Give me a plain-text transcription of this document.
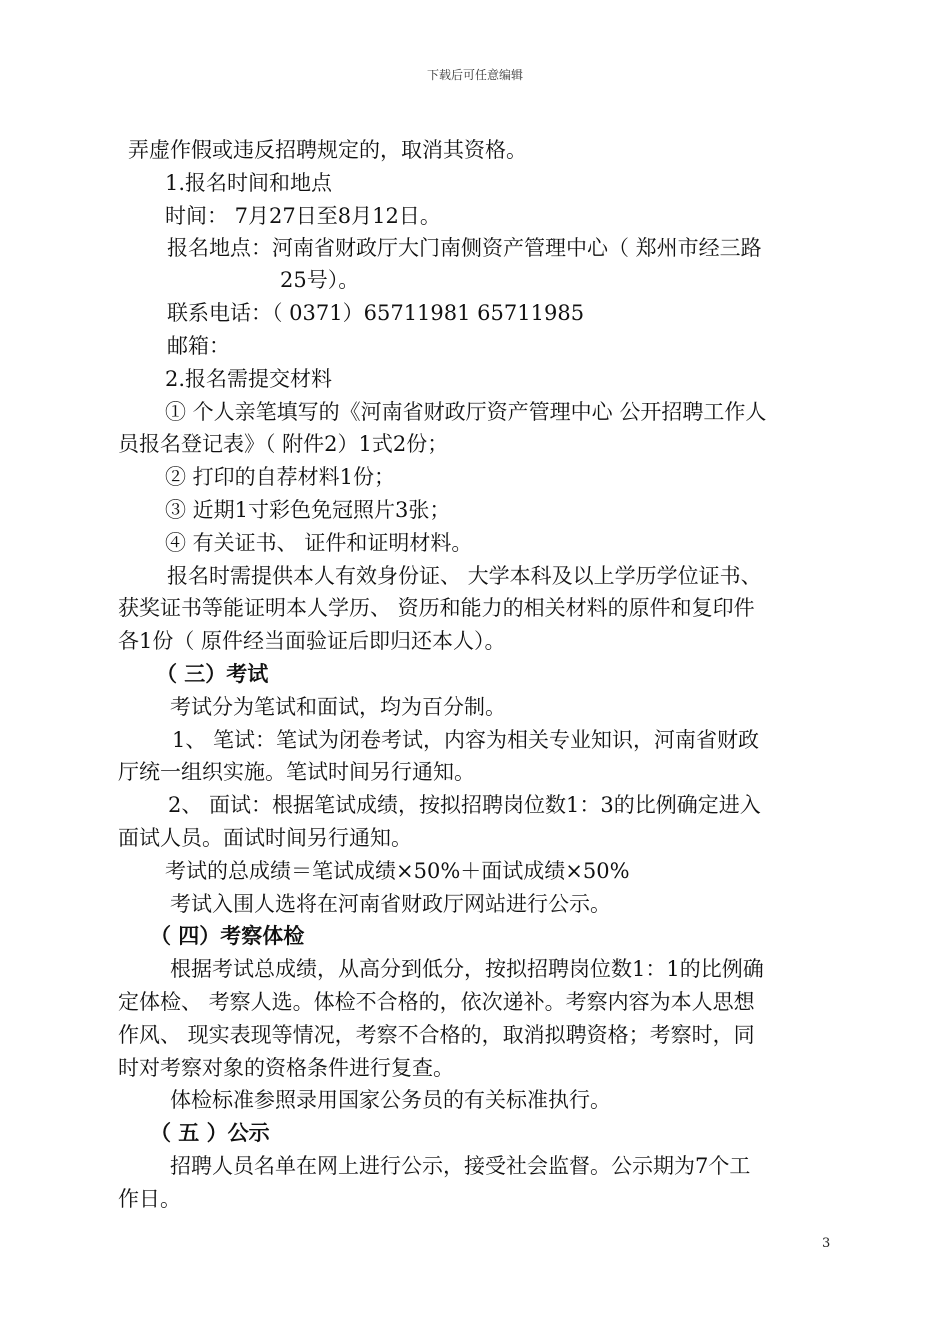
下载后可任意编辑
弄虚作假或违反招聘规定的，取消其资格。
1.报名时间和地点
时间： 7月27日至8月12日。
报名地点：河南省财政厅大门南侧资产管理中心（ 郑州市经三路
25号）。
联系电话：（ 0371）65711981 65711985
邮箱：
2.报名需提交材料
① 个人亲笔填写的《河南省财政厅资产管理中心 公开招聘工作人
员报名登记表》（ 附件2）1式2份；
② 打印的自荐材料1份；
③ 近期1寸彩色免冠照片3张；
④ 有关证书、 证件和证明材料。
报名时需提供本人有效身份证、 大学本科及以上学历学位证书、
获奖证书等能证明本人学历、 资历和能力的相关材料的原件和复印件
各1份（ 原件经当面验证后即归还本人）。
（ 三）考试
考试分为笔试和面试，均为百分制。
1、 笔试：笔试为闭卷考试，内容为相关专业知识，河南省财政
厅统一组织实施。笔试时间另行通知。
2、 面试：根据笔试成绩，按拟招聘岗位数1：3的比例确定进入
面试人员。面试时间另行通知。
考试的总成绩＝笔试成绩×50%＋面试成绩×50%
考试入围人选将在河南省财政厅网站进行公示。
（ 四）考察体检
根据考试总成绩，从高分到低分，按拟招聘岗位数1：1的比例确
定体检、 考察人选。体检不合格的，依次递补。考察内容为本人思想
作风、 现实表现等情况，考察不合格的，取消拟聘资格；考察时，同
时对考察对象的资格条件进行复查。
体检标准参照录用国家公务员的有关标准执行。
（ 五 ）公示
招聘人员名单在网上进行公示，接受社会监督。公示期为7个工
作日。
3
